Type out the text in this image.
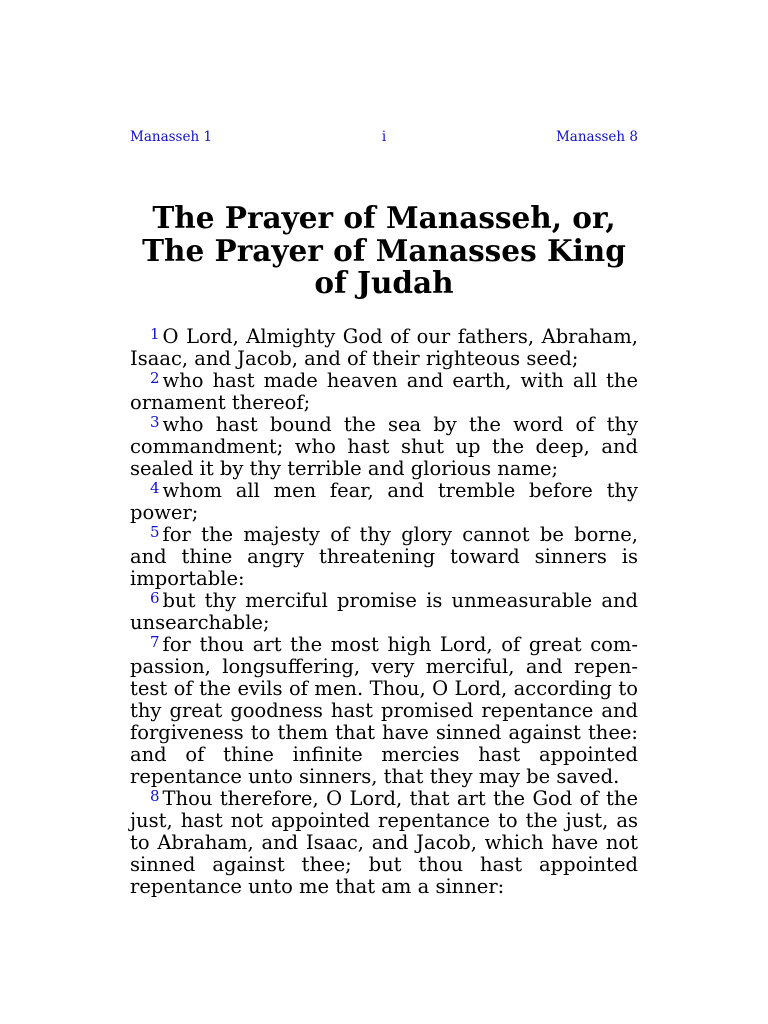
Manasseh 1	i	Manasseh 8
The Prayer of Manasseh, or,
The Prayer of Manasses King
of Judah

$^1$ O Lord, Almighty God of our fathers, Abraham, Isaac, and Jacob, and of their righteous seed;

$^2$ who hast made heaven and earth, with all the ornament thereof;

$^3$ who hast bound the sea by the word of thy commandment; who hast shut up the deep, and sealed it by thy terrible and glorious name;

$^4$ whom all men fear, and tremble before thy power;

$^5$ for the majesty of thy glory cannot be borne, and thine angry threatening toward sinners is importable:

$^6$ but thy merciful promise is unmeasurable and unsearchable;

$^7$ for thou art the most high Lord, of great compassion, longsuffering, very merciful, and repentest of the evils of men. Thou, O Lord, according to thy great goodness hast promised repentance and forgiveness to them that have sinned against thee: and of thine infinite mercies hast appointed repentance unto sinners, that they may be saved.

$^8$ Thou therefore, O Lord, that art the God of the just, hast not appointed repentance to the just, as to Abraham, and Isaac, and Jacob, which have not sinned against thee; but thou hast appointed repentance unto me that am a sinner:
